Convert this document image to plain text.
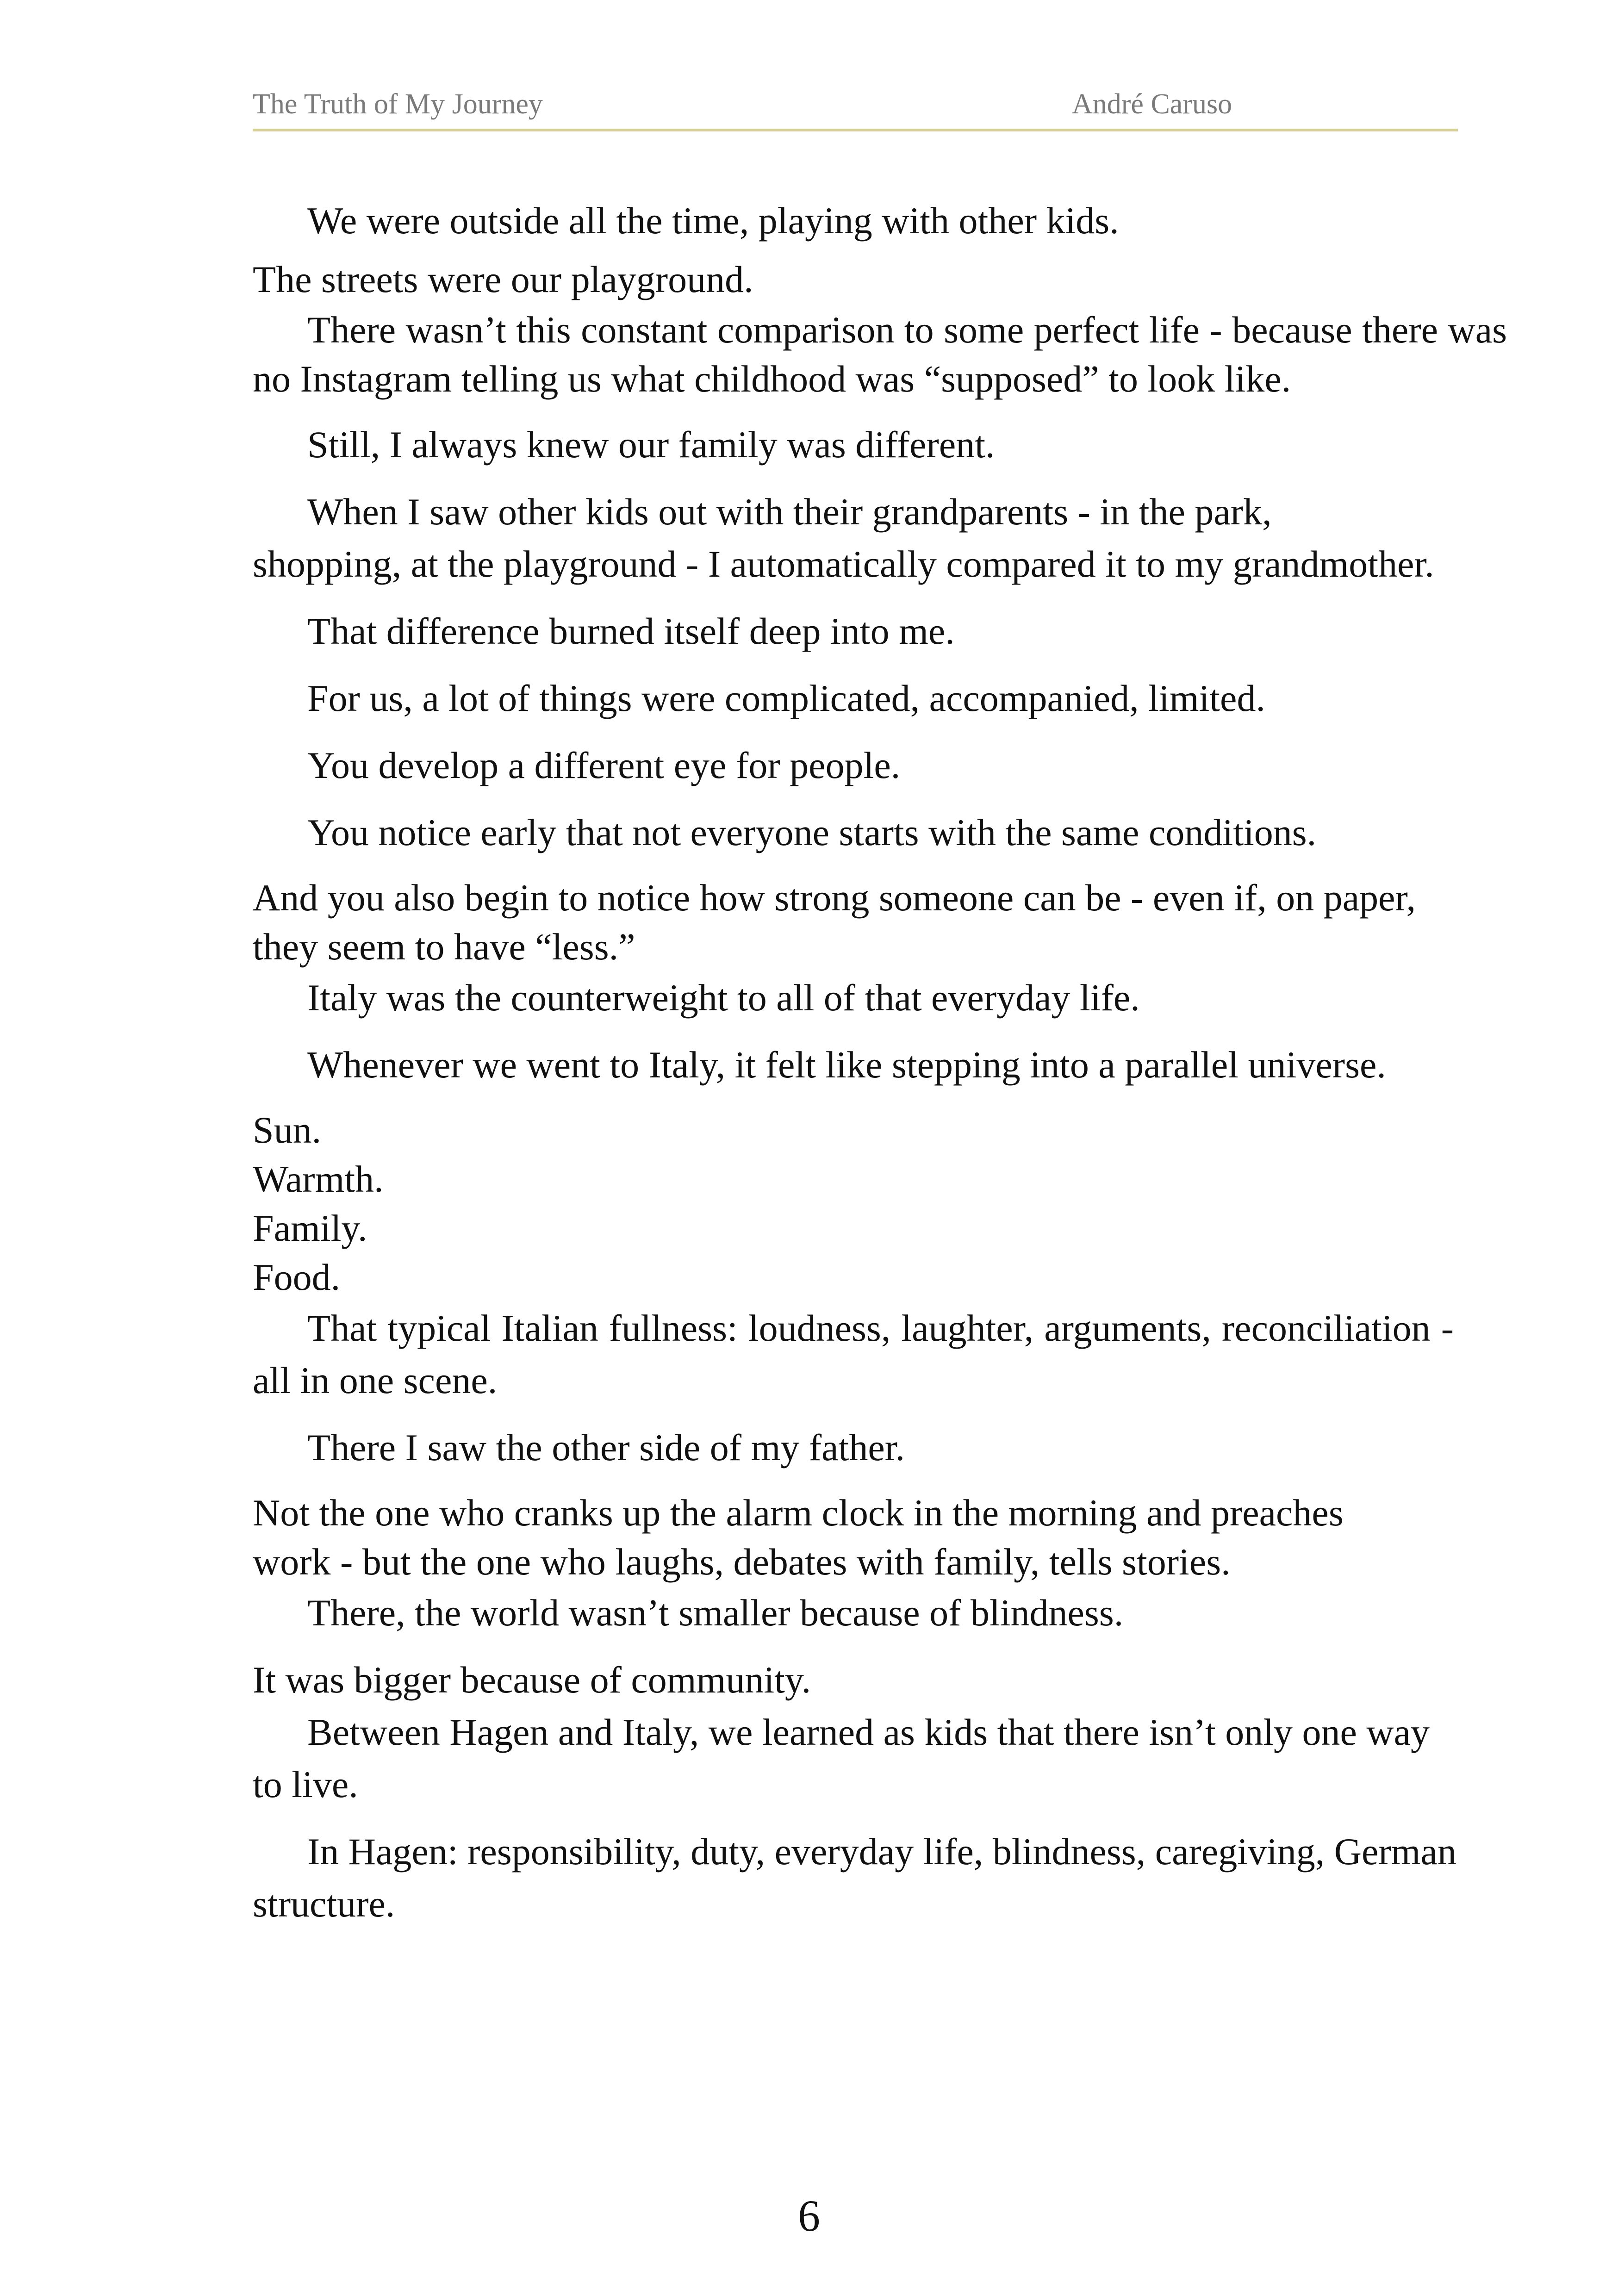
The Truth of My Journey	André Caruso

We were outside all the time, playing with other kids.

The streets were our playground.

There wasn’t this constant comparison to some perfect life - because there was no Instagram telling us what childhood was “supposed” to look like.

Still, I always knew our family was different.

When I saw other kids out with their grandparents - in the park,

shopping, at the playground - I automatically compared it to my grandmother.

That difference burned itself deep into me.

For us, a lot of things were complicated, accompanied, limited.

You develop a different eye for people.

You notice early that not everyone starts with the same conditions.

And you also begin to notice how strong someone can be - even if, on paper, they seem to have “less.”

Italy was the counterweight to all of that everyday life.

Whenever we went to Italy, it felt like stepping into a parallel universe.

Sun.

Warmth.

Family.

Food.

That typical Italian fullness: loudness, laughter, arguments, reconciliation - all in one scene.

There I saw the other side of my father.

Not the one who cranks up the alarm clock in the morning and preaches work - but the one who laughs, debates with family, tells stories.

There, the world wasn’t smaller because of blindness.

It was bigger because of community.

Between Hagen and Italy, we learned as kids that there isn’t only one way to live.

In Hagen: responsibility, duty, everyday life, blindness, caregiving, German structure.

6
